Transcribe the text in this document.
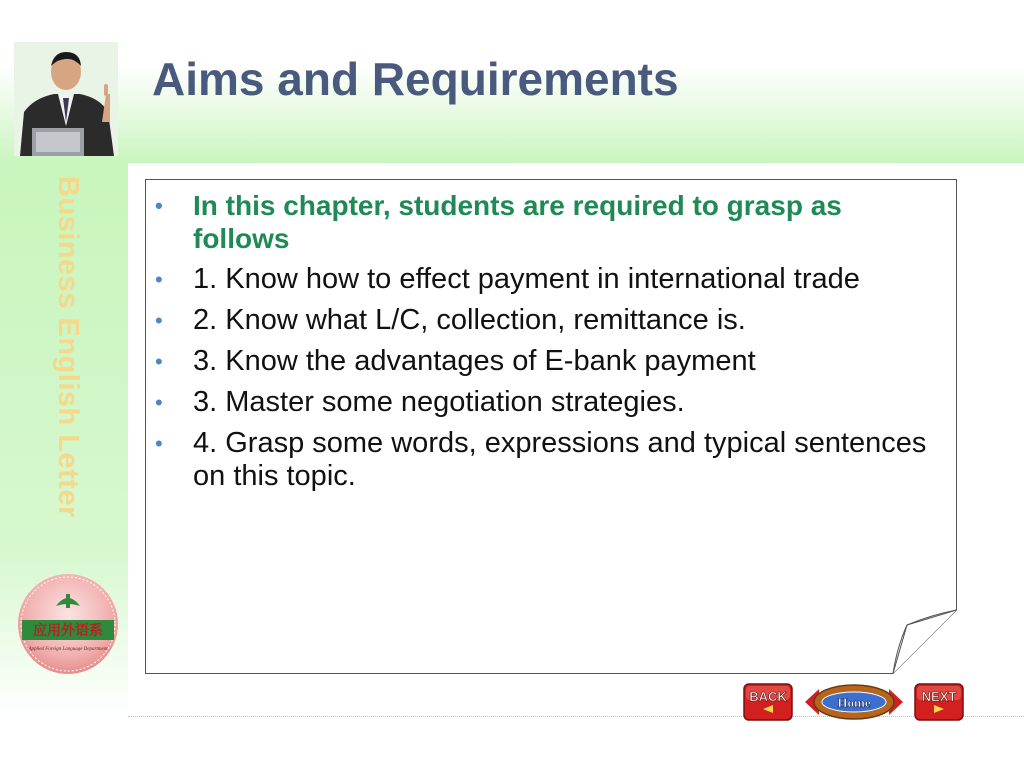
Aims and Requirements
Business English Letter
应用外语系
Applied Foreign Language Department
• In this chapter, students are required to grasp as follows
• 1. Know how to effect payment in international trade
• 2. Know what L/C, collection, remittance is.
• 3. Know the advantages of E-bank payment
• 3. Master some negotiation strategies.
• 4. Grasp some words, expressions and typical sentences on this topic.
BACK	Home	NEXT
